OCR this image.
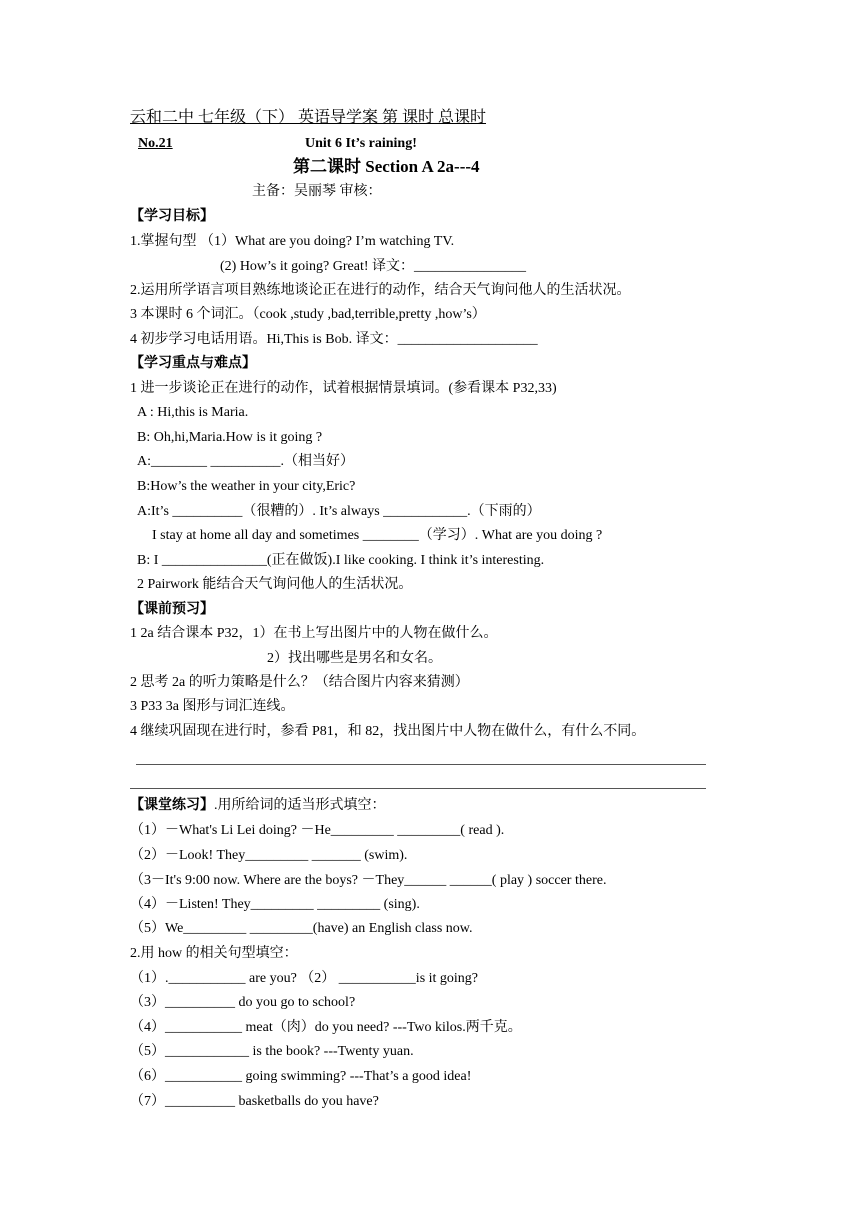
云和二中 七年级（下） 英语导学案 第 课时 总课时
No.21	Unit 6 It’s raining!
第二课时 Section A 2a---4
主备：吴丽琴 审核：
【学习目标】
1.掌握句型 （1）What are you doing? I’m watching TV.
(2) How’s it going? Great! 译文：________________
2.运用所学语言项目熟练地谈论正在进行的动作，结合天气询问他人的生活状况。
3 本课时 6 个词汇。（cook ,study ,bad,terrible,pretty ,how’s）
4 初步学习电话用语。Hi,This is Bob. 译文：____________________
【学习重点与难点】
1 进一步谈论正在进行的动作，试着根据情景填词。(参看课本 P32,33)
A : Hi,this is Maria.
B: Oh,hi,Maria.How is it going ?
A:________ __________.（相当好）
B:How’s the weather in your city,Eric?
A:It’s __________（很糟的）. It’s always ____________.（下雨的）
I stay at home all day and sometimes ________（学习）. What are you doing ?
B: I _______________(正在做饭).I like cooking. I think it’s interesting.
2 Pairwork 能结合天气询问他人的生活状况。
【课前预习】
1 2a 结合课本 P32，1）在书上写出图片中的人物在做什么。
2）找出哪些是男名和女名。
2 思考 2a 的听力策略是什么？（结合图片内容来猜测）
3 P33 3a 图形与词汇连线。
4 继续巩固现在进行时，参看 P81，和 82，找出图片中人物在做什么，有什么不同。
【课堂练习】.用所给词的适当形式填空：
（1）－What's Li Lei doing? －He_________ _________( read ).
（2）－Look! They_________ _______ (swim).
（3－It's 9:00 now. Where are the boys? －They______ ______( play ) soccer there.
（4）－Listen! They_________ _________ (sing).
（5）We_________ _________(have) an English class now.
2.用 how 的相关句型填空：
（1）.___________ are you? （2） ___________is it going?
（3）__________ do you go to school?
（4）___________ meat（肉）do you need? ---Two kilos.两千克。
（5）____________ is the book? ---Twenty yuan.
（6）___________ going swimming? ---That’s a good idea!
（7）__________ basketballs do you have?
